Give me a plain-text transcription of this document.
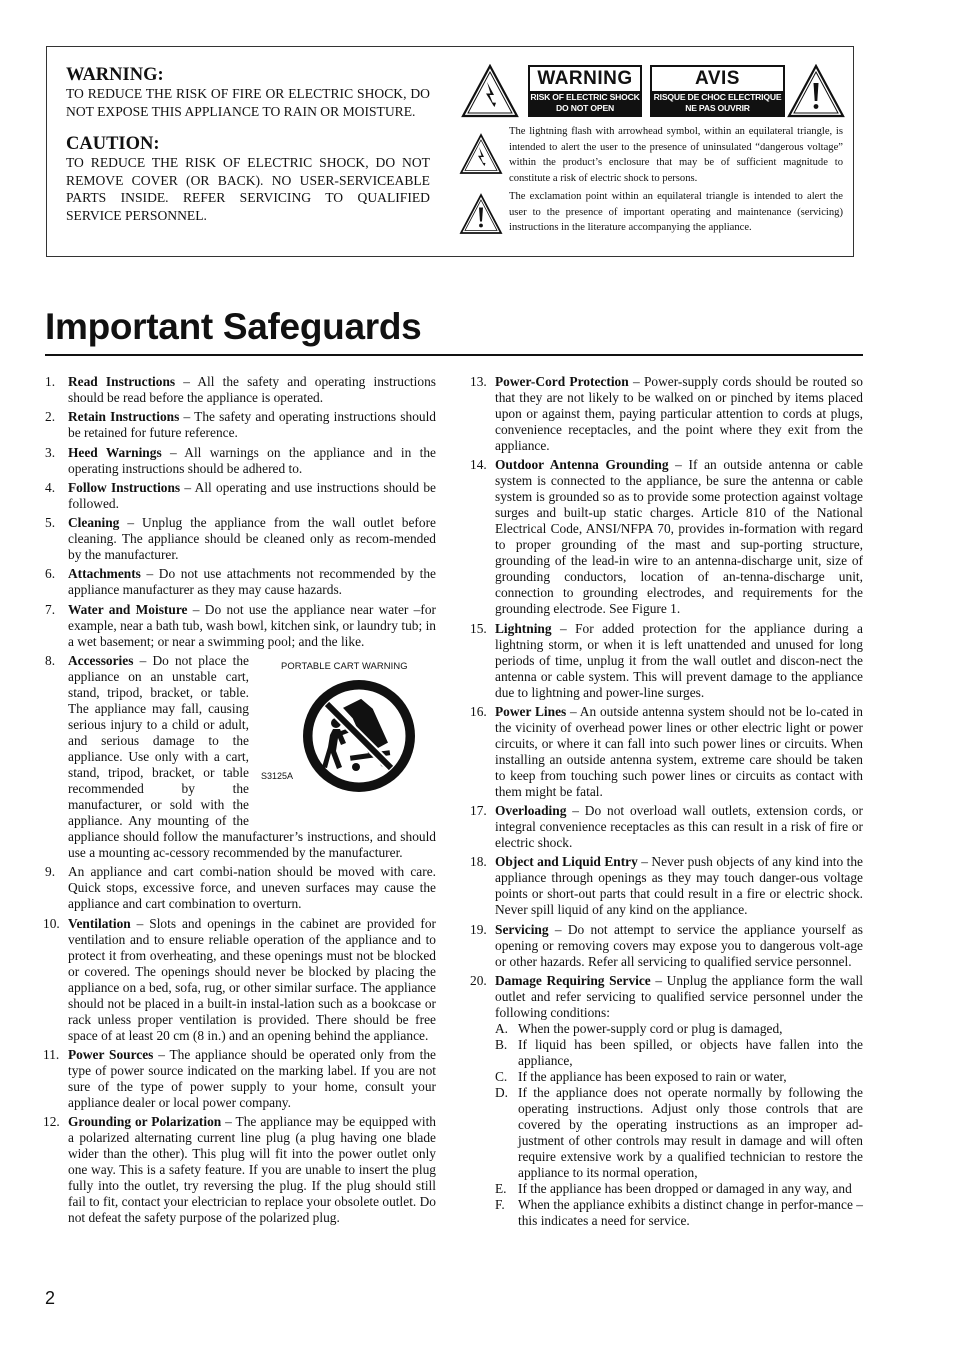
WARNING:

TO REDUCE THE RISK OF FIRE OR ELECTRIC SHOCK, DO NOT EXPOSE THIS APPLIANCE TO RAIN OR MOISTURE.

CAUTION:

TO REDUCE THE RISK OF ELECTRIC SHOCK, DO NOT REMOVE COVER (OR BACK). NO USER-SERVICEABLE PARTS INSIDE. REFER SERVICING TO QUALIFIED SERVICE PERSONNEL.

WARNING
RISK OF ELECTRIC SHOCK
DO NOT OPEN
AVIS
RISQUE DE CHOC ELECTRIQUE
NE PAS OUVRIR

The lightning flash with arrowhead symbol, within an equilateral triangle, is intended to alert the user to the presence of uninsulated “dangerous voltage” within the product’s enclosure that may be of sufficient magnitude to constitute a risk of electric shock to persons.

The exclamation point within an equilateral triangle is intended to alert the user to the presence of important operating and maintenance (servicing) instructions in the literature accompanying the appliance.

Important Safeguards
1. Read Instructions – All the safety and operating instructions should be read before the appliance is operated.
2. Retain Instructions – The safety and operating instructions should be retained for future reference.
3. Heed Warnings – All warnings on the appliance and in the operating instructions should be adhered to.
4. Follow Instructions – All operating and use instructions should be followed.
5. Cleaning – Unplug the appliance from the wall outlet before cleaning. The appliance should be cleaned only as recom-mended by the manufacturer.
6. Attachments – Do not use attachments not recommended by the appliance manufacturer as they may cause hazards.
7. Water and Moisture – Do not use the appliance near water –for example, near a bath tub, wash bowl, kitchen sink, or laundry tub; in a wet basement; or near a swimming pool; and the like.
8.	PORTABLE CART WARNING
S3125A
Accessories – Do not place the appliance on an unstable cart, stand, tripod, bracket, or table. The appliance may fall, causing serious injury to a child or adult, and serious damage to the appliance. Use only with a cart, stand, tripod, bracket, or table recommended by the manufacturer, or sold with the appliance. Any mounting of the appliance should follow the manufacturer’s instructions, and should use a mounting ac-cessory recommended by the manufacturer.
9. An appliance and cart combi-nation should be moved with care. Quick stops, excessive force, and uneven surfaces may cause the appliance and cart combination to overturn.
10. Ventilation – Slots and openings in the cabinet are provided for ventilation and to ensure reliable operation of the appliance and to protect it from overheating, and these openings must not be blocked or covered. The openings should never be blocked by placing the appliance on a bed, sofa, rug, or other similar surface. The appliance should not be placed in a built-in instal-lation such as a bookcase or rack unless proper ventilation is provided. There should be free space of at least 20 cm (8 in.) and an opening behind the appliance.
11. Power Sources – The appliance should be operated only from the type of power source indicated on the marking label. If you are not sure of the type of power supply to your home, consult your appliance dealer or local power company.
12. Grounding or Polarization – The appliance may be equipped with a polarized alternating current line plug (a plug having one blade wider than the other). This plug will fit into the power outlet only one way. This is a safety feature. If you are unable to insert the plug fully into the outlet, try reversing the plug. If the plug should still fail to fit, contact your electrician to replace your obsolete outlet. Do not defeat the safety purpose of the polarized plug.
13. Power-Cord Protection – Power-supply cords should be routed so that they are not likely to be walked on or pinched by items placed upon or against them, paying particular attention to cords at plugs, convenience receptacles, and the point where they exit from the appliance.
14. Outdoor Antenna Grounding – If an outside antenna or cable system is connected to the appliance, be sure the antenna or cable system is grounded so as to provide some protection against voltage surges and built-up static charges. Article 810 of the National Electrical Code, ANSI/NFPA 70, provides in-formation with regard to proper grounding of the mast and sup-porting structure, grounding of the lead-in wire to an antenna-discharge unit, size of grounding conductors, location of an-tenna-discharge unit, connection to grounding electrodes, and requirements for the grounding electrode. See Figure 1.
15. Lightning – For added protection for the appliance during a lightning storm, or when it is left unattended and unused for long periods of time, unplug it from the wall outlet and discon-nect the antenna or cable system. This will prevent damage to the appliance due to lightning and power-line surges.
16. Power Lines – An outside antenna system should not be lo-cated in the vicinity of overhead power lines or other electric light or power circuits, or where it can fall into such power lines or circuits. When installing an outside antenna system, extreme care should be taken to keep from touching such power lines or circuits as contact with them might be fatal.
17. Overloading – Do not overload wall outlets, extension cords, or integral convenience receptacles as this can result in a risk of fire or electric shock.
18. Object and Liquid Entry – Never push objects of any kind into the appliance through openings as they may touch danger-ous voltage points or short-out parts that could result in a fire or electric shock. Never spill liquid of any kind on the appliance.
19. Servicing – Do not attempt to service the appliance yourself as opening or removing covers may expose you to dangerous volt-age or other hazards. Refer all servicing to qualified service personnel.
20. Damage Requiring Service – Unplug the appliance form the wall outlet and refer servicing to qualified service personnel under the following conditions:
A. When the power-supply cord or plug is damaged,
B. If liquid has been spilled, or objects have fallen into the appliance,
C. If the appliance has been exposed to rain or water,
D. If the appliance does not operate normally by following the operating instructions. Adjust only those controls that are covered by the operating instructions as an improper ad-justment of other controls may result in damage and will often require extensive work by a qualified technician to restore the appliance to its normal operation,
E. If the appliance has been dropped or damaged in any way, and
F. When the appliance exhibits a distinct change in perfor-mance – this indicates a need for service.
2
